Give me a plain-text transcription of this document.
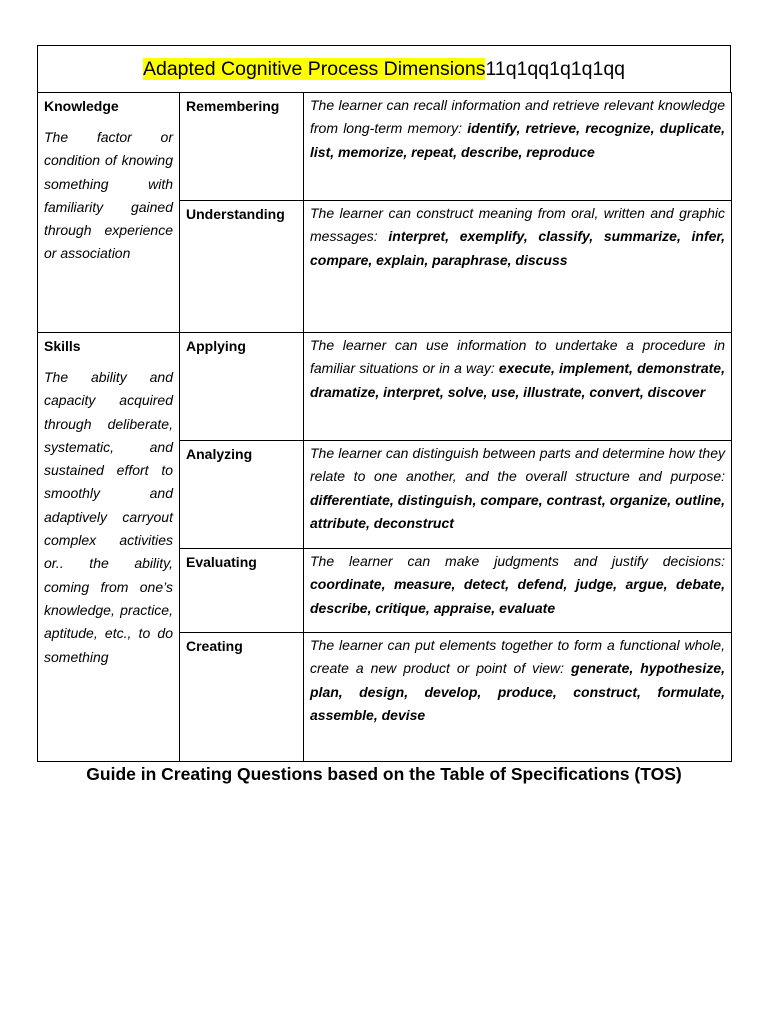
Adapted Cognitive Process Dimensions11q1qq1q1q1qq
Knowledge
The factor or condition of knowing something with familiarity gained through experience or association	Remembering	The learner can recall information and retrieve relevant knowledge from long-term memory: identify, retrieve, recognize, duplicate, list, memorize, repeat, describe, reproduce

	Understanding	The learner can construct meaning from oral, written and graphic messages: interpret, exemplify, classify, summarize, infer, compare, explain, paraphrase, discuss

Skills
The ability and capacity acquired through deliberate, systematic, and sustained effort to smoothly and adaptively carryout complex activities or.. the ability, coming from one’s knowledge, practice, aptitude, etc., to do something	Applying	The learner can use information to undertake a procedure in familiar situations or in a way: execute, implement, demonstrate, dramatize, interpret, solve, use, illustrate, convert, discover

	Analyzing	The learner can distinguish between parts and determine how they relate to one another, and the overall structure and purpose: differentiate, distinguish, compare, contrast, organize, outline, attribute, deconstruct

	Evaluating	The learner can make judgments and justify decisions: coordinate, measure, detect, defend, judge, argue, debate, describe, critique, appraise, evaluate

	Creating	The learner can put elements together to form a functional whole, create a new product or point of view: generate, hypothesize, plan, design, develop, produce, construct, formulate, assemble, devise
Guide in Creating Questions based on the Table of Specifications (TOS)
